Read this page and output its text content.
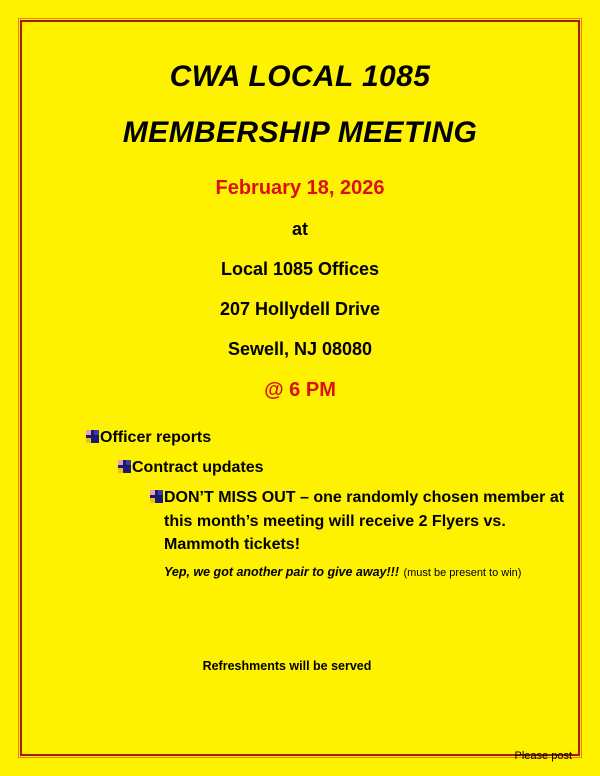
CWA LOCAL 1085
MEMBERSHIP MEETING
February 18, 2026
at
Local 1085 Offices
207 Hollydell Drive
Sewell, NJ 08080
@ 6 PM
Officer reports
Contract updates
DON’T MISS OUT – one randomly chosen member at this month’s meeting will receive 2 Flyers vs. Mammoth tickets!
Yep, we got another pair to give away!!! (must be present to win)
Refreshments will be served
Please post
